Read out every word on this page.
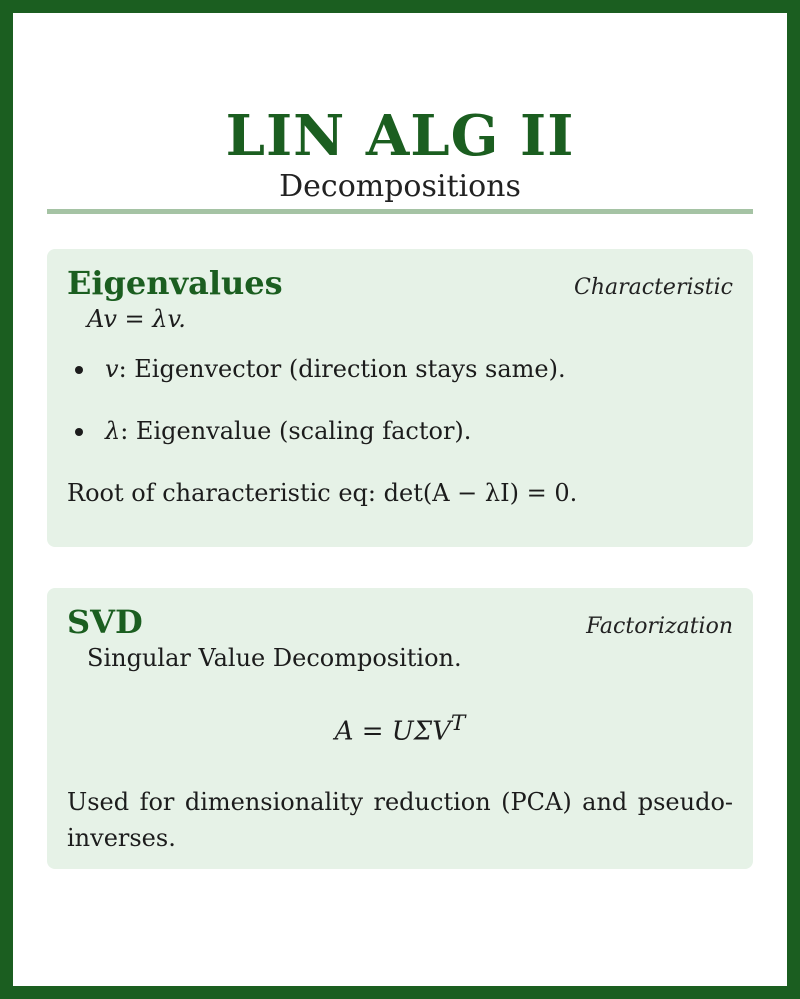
LIN ALG II

Decompositions

Eigenvalues	Characteristic
Av = λv.
v: Eigenvector (direction stays same).
λ: Eigenvalue (scaling factor).
Root of characteristic eq: det(A − λI) = 0.
SVD	Factorization
Singular Value Decomposition.
$A = U\Sigma V^T$
Used for dimensionality reduction (PCA) and pseudo-inverses.
